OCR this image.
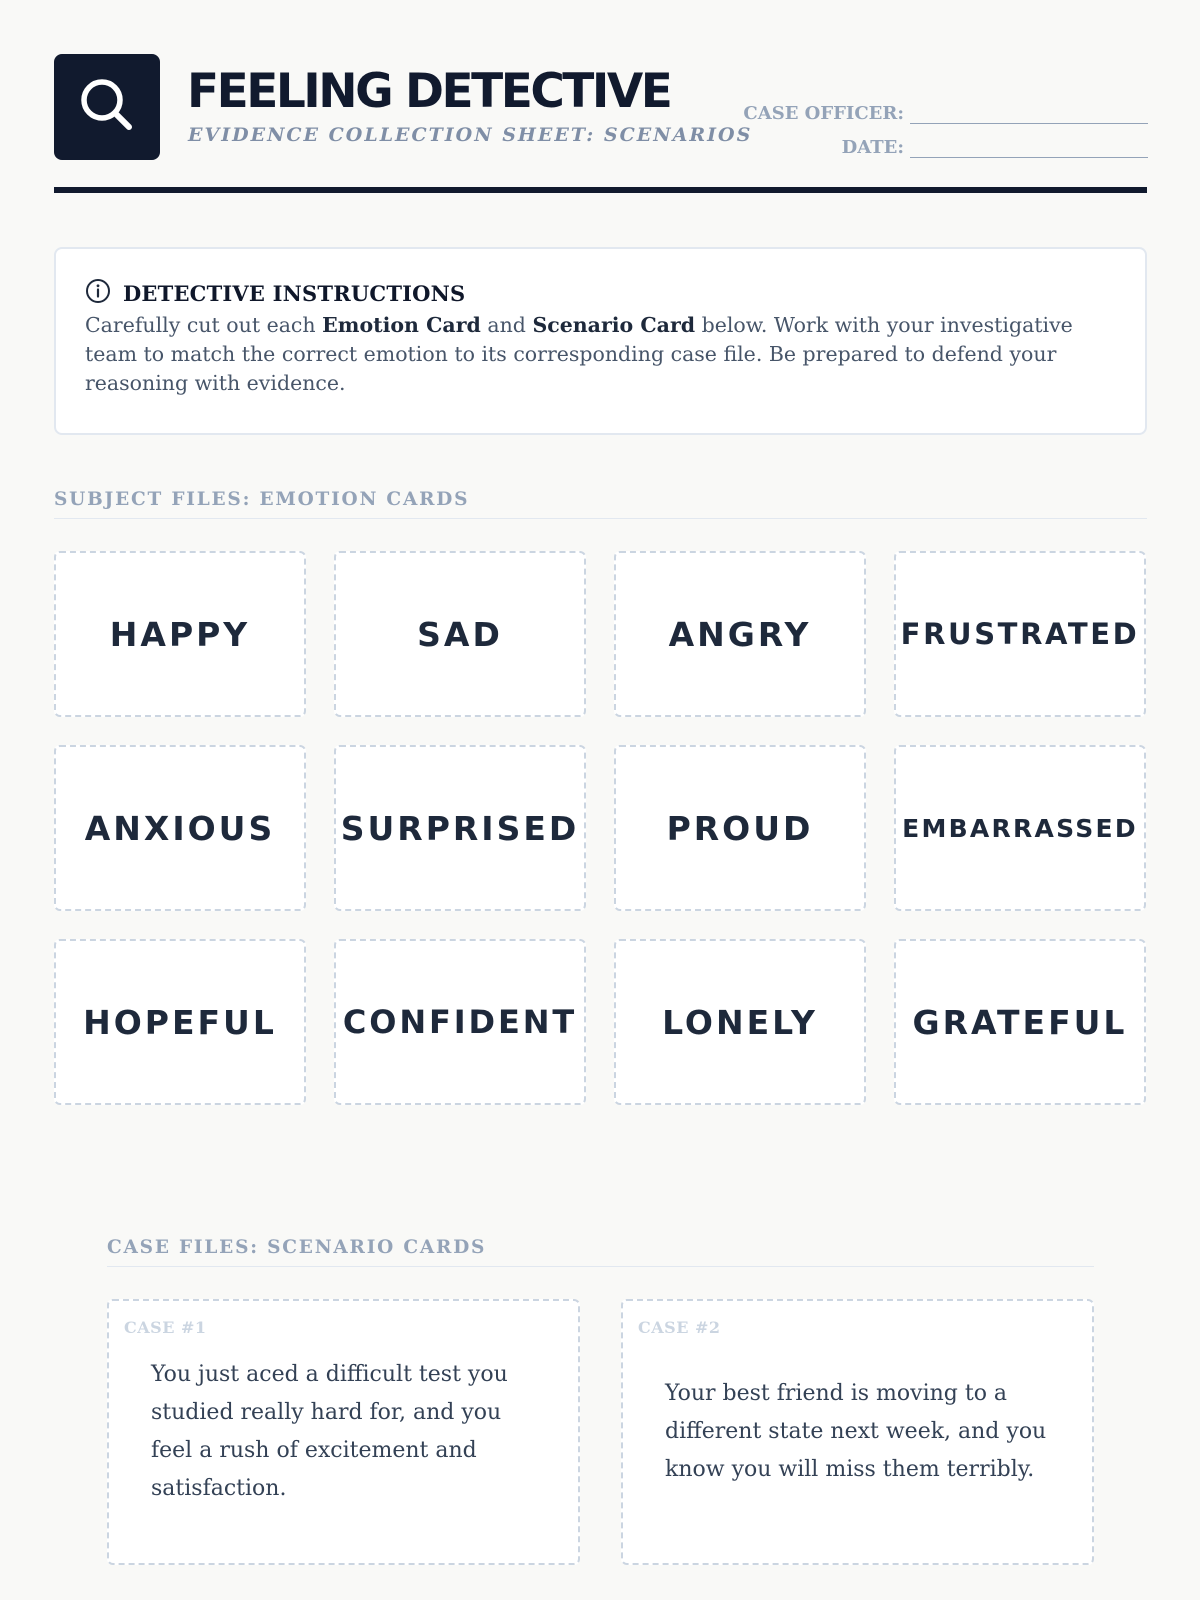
FEELING DETECTIVE
EVIDENCE COLLECTION SHEET: SCENARIOS
CASE OFFICER:
DATE:
DETECTIVE INSTRUCTIONS

Carefully cut out each Emotion Card and Scenario Card below. Work with your investigative team to match the correct emotion to its corresponding case file. Be prepared to defend your reasoning with evidence.

SUBJECT FILES: EMOTION CARDS
HAPPY	SAD	ANGRY	FRUSTRATED
ANXIOUS SURPRISED	PROUD	EMBARRASSED
HOPEFUL CONFIDENT	LONELY	GRATEFUL
CASE FILES: SCENARIO CARDS
CASE #1

You just aced a difficult test you studied really hard for, and you feel a rush of excitement and satisfaction.

CASE #2

Your best friend is moving to a different state next week, and you know you will miss them terribly.
